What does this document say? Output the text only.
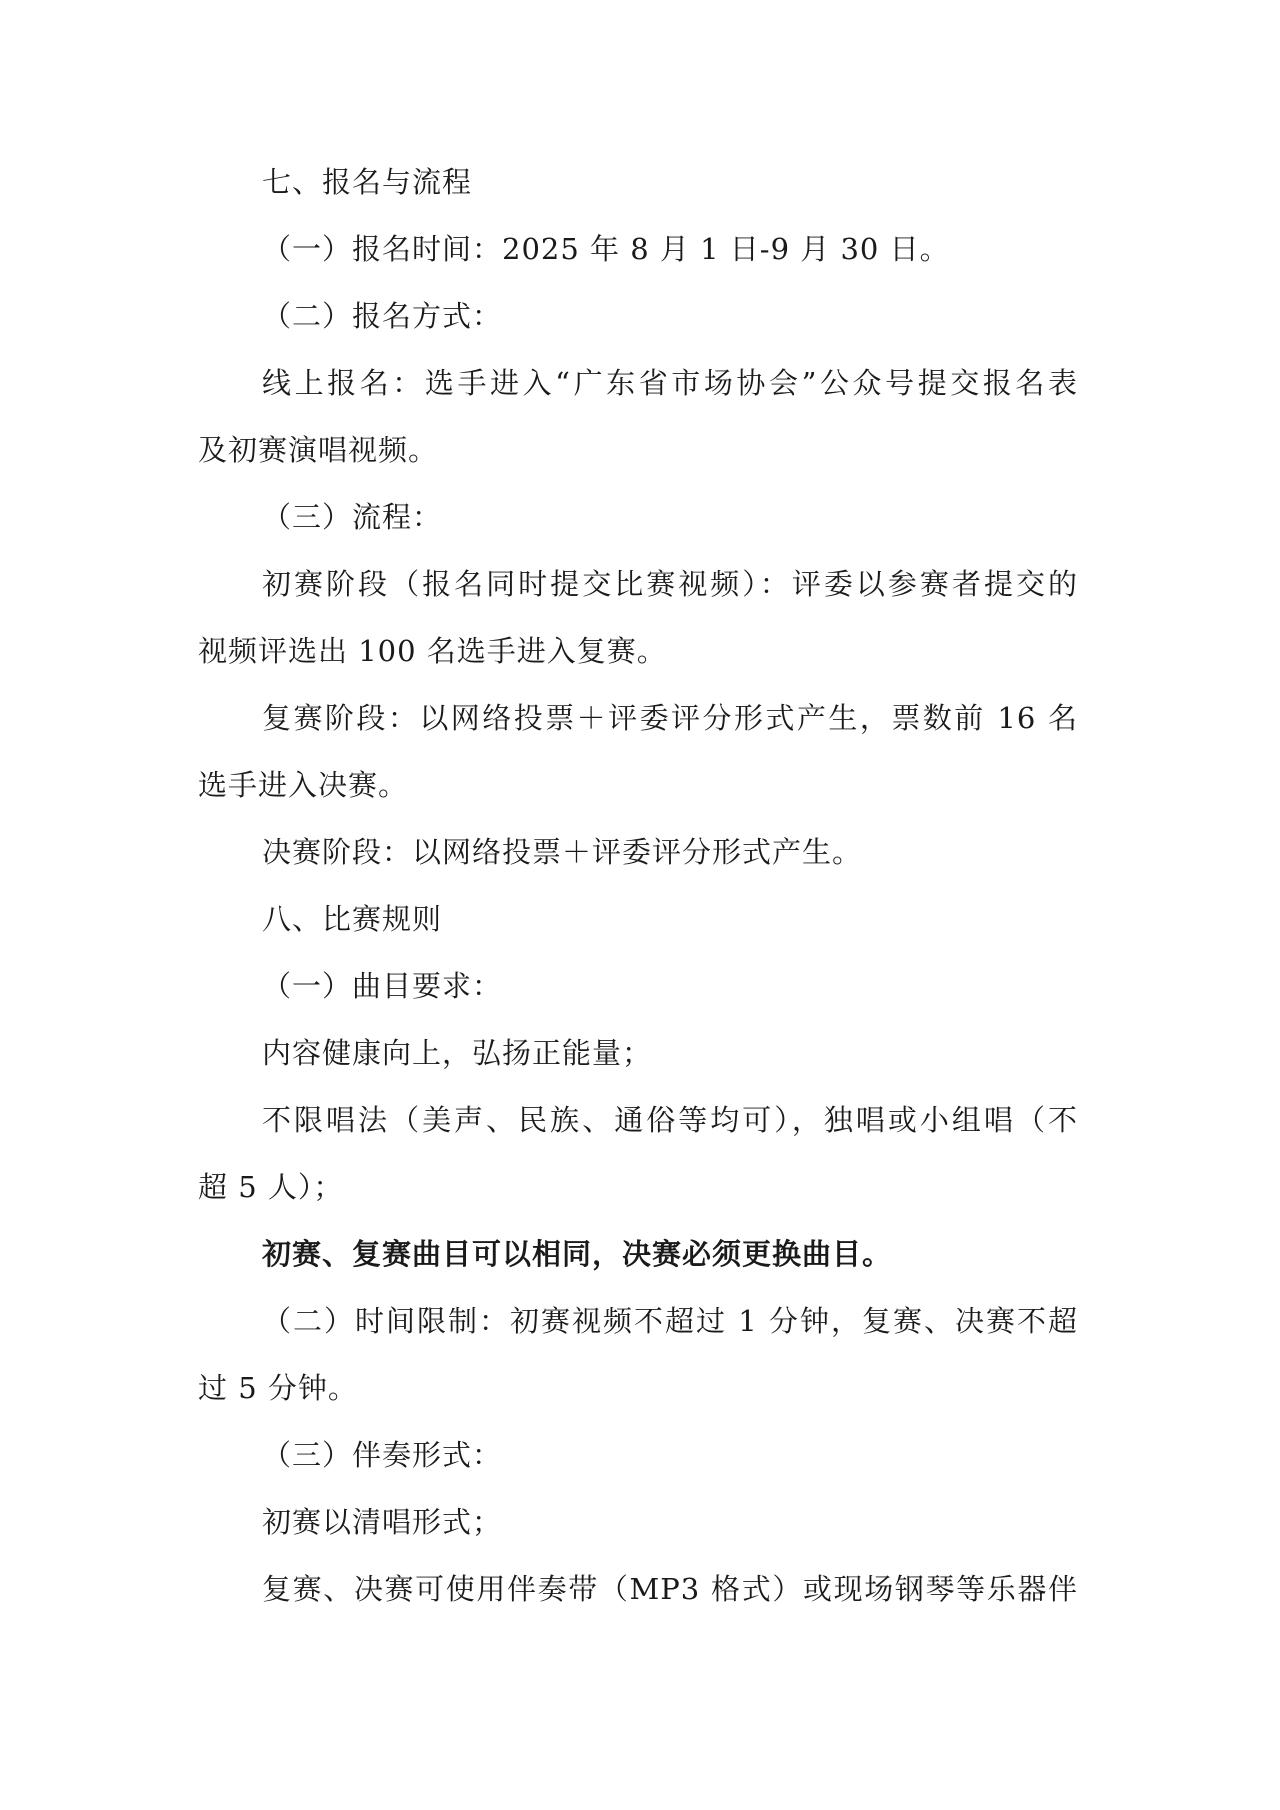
七、报名与流程
（一）报名时间：2025 年 8 月 1 日-9 月 30 日。
（二）报名方式：
线上报名：选手进入“广东省市场协会”公众号提交报名表
及初赛演唱视频。
（三）流程：
初赛阶段（报名同时提交比赛视频）：评委以参赛者提交的
视频评选出 100 名选手进入复赛。
复赛阶段：以网络投票＋评委评分形式产生，票数前 16 名
选手进入决赛。
决赛阶段：以网络投票＋评委评分形式产生。
八、比赛规则
（一）曲目要求：
内容健康向上，弘扬正能量；
不限唱法（美声、民族、通俗等均可），独唱或小组唱（不
超 5 人）；
初赛、复赛曲目可以相同，决赛必须更换曲目。
（二）时间限制：初赛视频不超过 1 分钟，复赛、决赛不超
过 5 分钟。
（三）伴奏形式：
初赛以清唱形式；
复赛、决赛可使用伴奏带（MP3 格式）或现场钢琴等乐器伴
